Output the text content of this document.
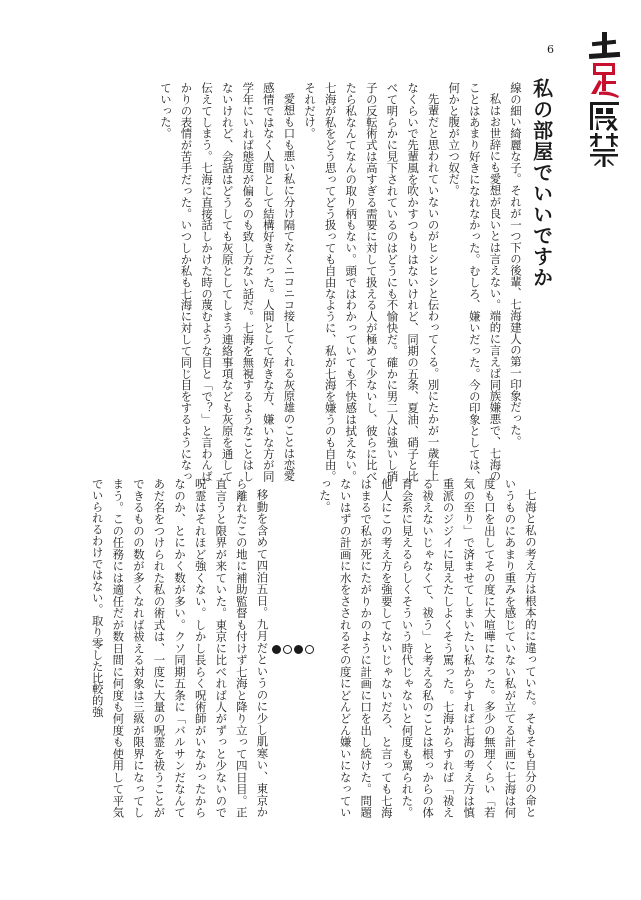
6
私の部屋でいいですか

線の細い綺麗な子。それが一つ下の後輩、七海建人の第一印象だった。

私はお世辞にも愛想が良いとは言えない。端的に言えば同族嫌悪で、七海のことはあまり好きになれなかった。むしろ、嫌いだった。今の印象としては、何かと腹が立つ奴だ。

先輩だと思われていないのがヒシヒシと伝わってくる。別にたかが一歳年上なくらいで先輩風を吹かすつもりはないけれど、同期の五条、夏油、硝子と比べて明らかに見下されているのはどうにも不愉快だ。確かに男二人は強いし硝子の反転術式は高すぎる需要に対して扱える人が極めて少ないし、彼らに比べたら私なんてなんの取り柄もない。頭ではわかっていても不快感は拭えない。七海が私をどう思ってどう扱っても自由なように、私が七海を嫌うのも自由。それだけ。

愛想も口も悪い私に分け隔てなくニコニコ接してくれる灰原雄のことは恋愛感情ではなく人間として結構好きだった。人間として好きな方、嫌いな方が同学年にいれば態度が偏るのも致し方ない話だ。七海を無視するようなことはしないけれど、会話はどうしても灰原としてしまう連絡事項なども灰原を通して伝えてしまう。七海に直接話しかけた時の蔑むような目と「で？」と言わんばかりの表情が苦手だった。いつしか私も七海に対して同じ目をするようになっていった。

七海と私の考え方は根本的に違っていた。そもそも自分の命というものにあまり重みを感じていない私が立てる計画に七海は何度も口を出してその度に大喧嘩になった。多少の無理くらい「若気の至り」で済ませてしまいたい私からすれば七海の考え方は慎重派のジジイに見えたしよくそう罵った。七海からすれば「祓える祓えないじゃなくて、祓う」と考える私のことは根っからの体育会系に見えるらしくそういう時代じゃないと何度も罵られた。他人にこの考え方を強要してないじゃないだろ、と言っても七海はまるで私が死にたがりかのように計画に口を出し続けた。問題ないはずの計画に水をさされるその度にどんどん嫌いになっていった。

移動を含めて四泊五日。九月だというのに少し肌寒い、東京から離れたこの地に補助監督も付けず七海と降り立って四日目。正直言うと限界が来ていた。東京に比べれば人がずっと少ないので呪霊はそれほど強くない。しかし長らく呪術師がいなかったからなのか、とにかく数が多い。クソ同期五条に「バルサンだなんてあだ名をつけられた私の術式は、一度に大量の呪霊を祓うことができるものの数が多くなれば祓える対象は三級が限界になってしまう。この任務には適任だが数日間に何度も何度も使用して平気でいられるわけではない。取り零した比較的強
